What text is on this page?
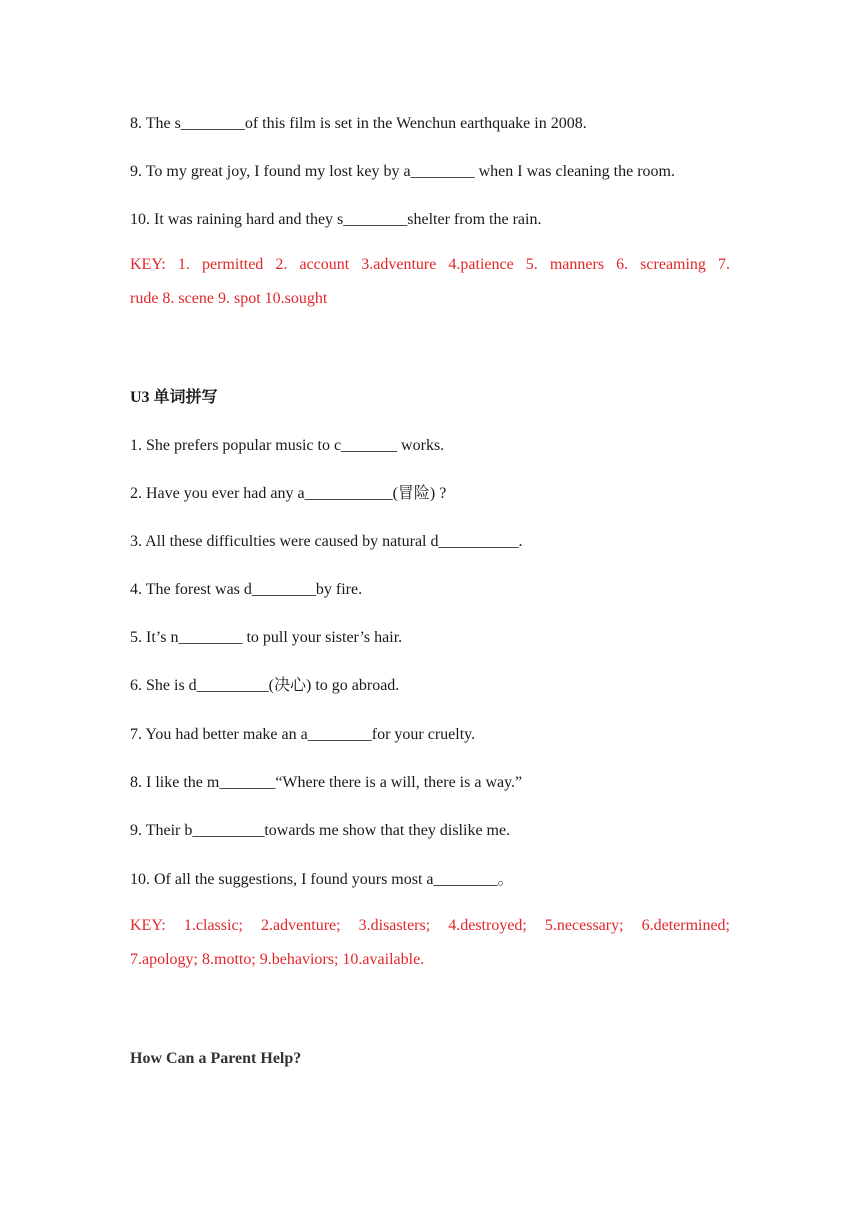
8. The s________of this film is set in the Wenchun earthquake in 2008.
9. To my great joy, I found my lost key by a________ when I was cleaning the room.
10. It was raining hard and they s________shelter from the rain.
KEY: 1. permitted 2. account 3.adventure 4.patience 5. manners 6. screaming 7.
rude 8. scene 9. spot 10.sought
U3 单词拼写
1. She prefers popular music to c_______ works.
2. Have you ever had any a___________(冒险) ?
3. All these difficulties were caused by natural d__________.
4. The forest was d________by fire.
5. It’s n________ to pull your sister’s hair.
6. She is d_________(决心) to go abroad.
7. You had better make an a________for your cruelty.
8. I like the m_______“Where there is a will, there is a way.”
9. Their b_________towards me show that they dislike me.
10. Of all the suggestions, I found yours most a________。
KEY: 1.classic; 2.adventure; 3.disasters; 4.destroyed; 5.necessary; 6.determined;
7.apology; 8.motto; 9.behaviors; 10.available.
How Can a Parent Help?
